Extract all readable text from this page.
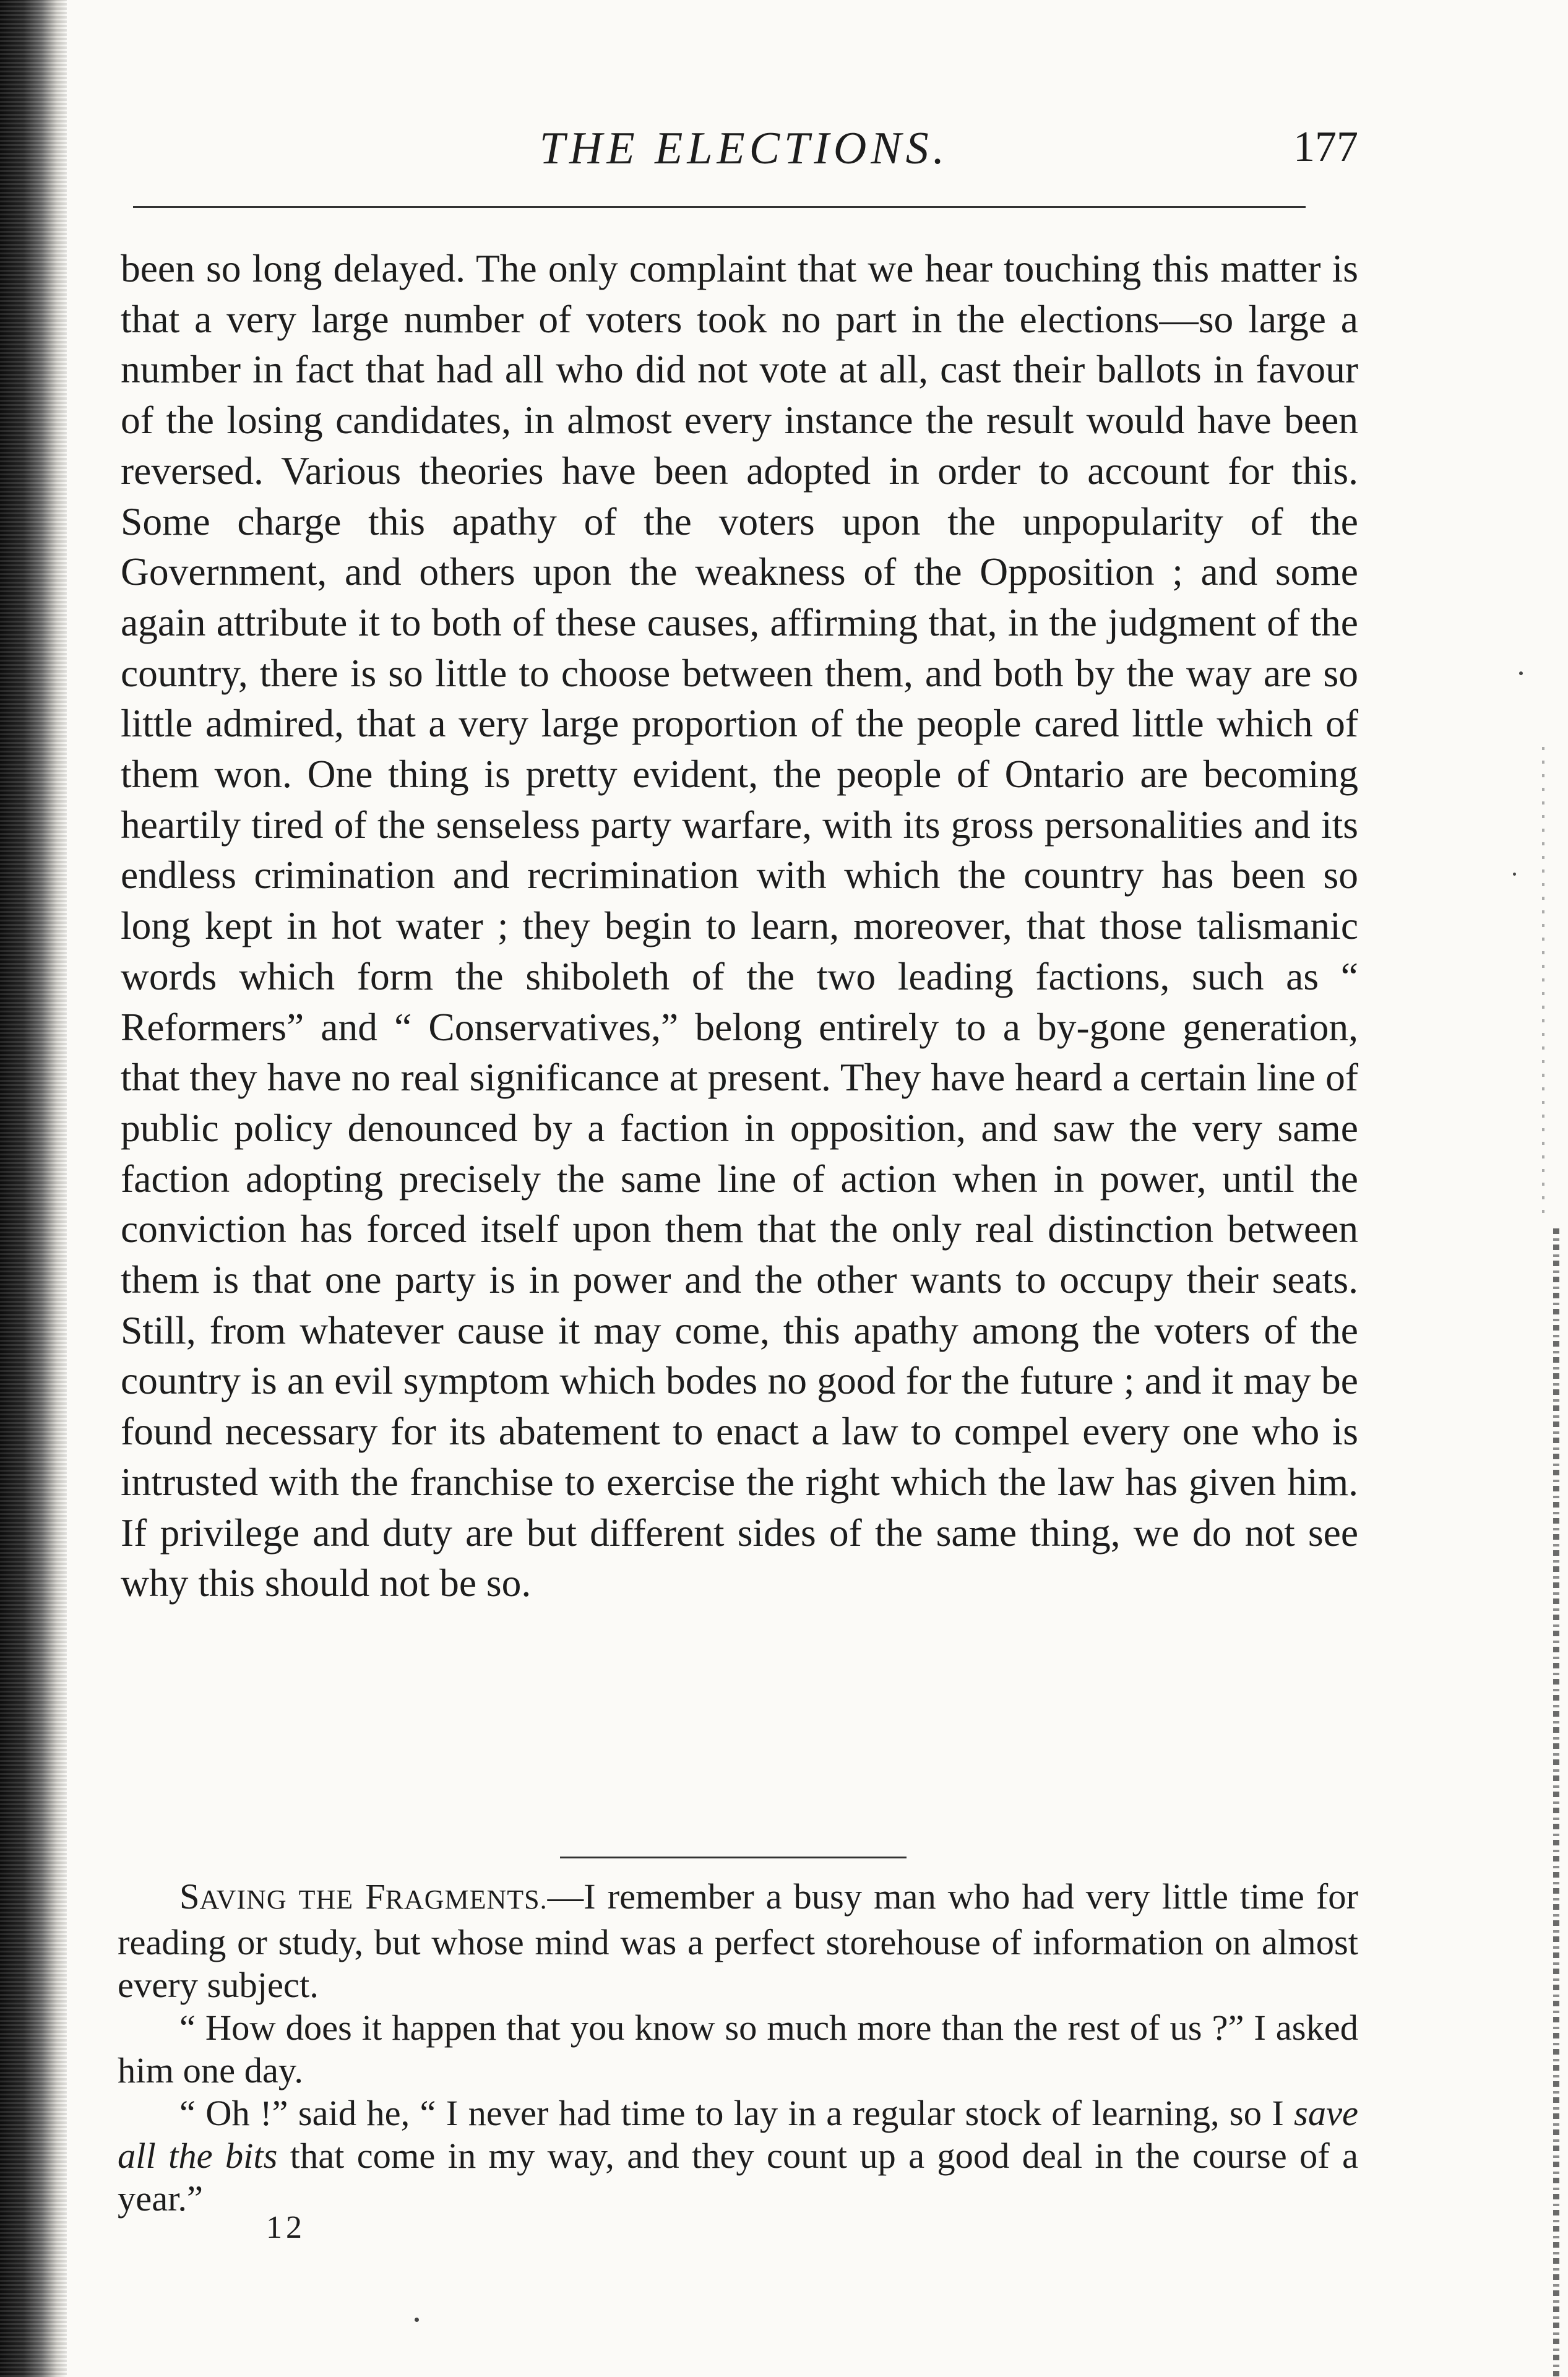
THE ELECTIONS.	177

been so long delayed. The only complaint that we hear touching this matter is that a very large number of voters took no part in the elections—so large a number in fact that had all who did not vote at all, cast their ballots in favour of the losing candidates, in almost every instance the result would have been reversed. Various theories have been adopted in order to account for this. Some charge this apathy of the voters upon the unpopularity of the Government, and others upon the weakness of the Opposition ; and some again attribute it to both of these causes, affirming that, in the judgment of the country, there is so little to choose between them, and both by the way are so little admired, that a very large proportion of the people cared little which of them won. One thing is pretty evident, the people of Ontario are becoming heartily tired of the senseless party warfare, with its gross personalities and its endless crimination and recrimination with which the country has been so long kept in hot water ; they begin to learn, moreover, that those talismanic words which form the shiboleth of the two leading factions, such as “ Reformers” and “ Conservatives,” belong entirely to a by-gone generation, that they have no real significance at present. They have heard a certain line of public policy denounced by a faction in opposition, and saw the very same faction adopting precisely the same line of action when in power, until the conviction has forced itself upon them that the only real distinction between them is that one party is in power and the other wants to occupy their seats. Still, from whatever cause it may come, this apathy among the voters of the country is an evil symptom which bodes no good for the future ; and it may be found necessary for its abatement to enact a law to compel every one who is intrusted with the franchise to exercise the right which the law has given him. If privilege and duty are but different sides of the same thing, we do not see why this should not be so.

SAVING THE FRAGMENTS.—I remember a busy man who had very little time for reading or study, but whose mind was a perfect storehouse of information on almost every subject.

“ How does it happen that you know so much more than the rest of us ?” I asked him one day.

“ Oh !” said he, “ I never had time to lay in a regular stock of learning, so I save all the bits that come in my way, and they count up a good deal in the course of a year.”

12
